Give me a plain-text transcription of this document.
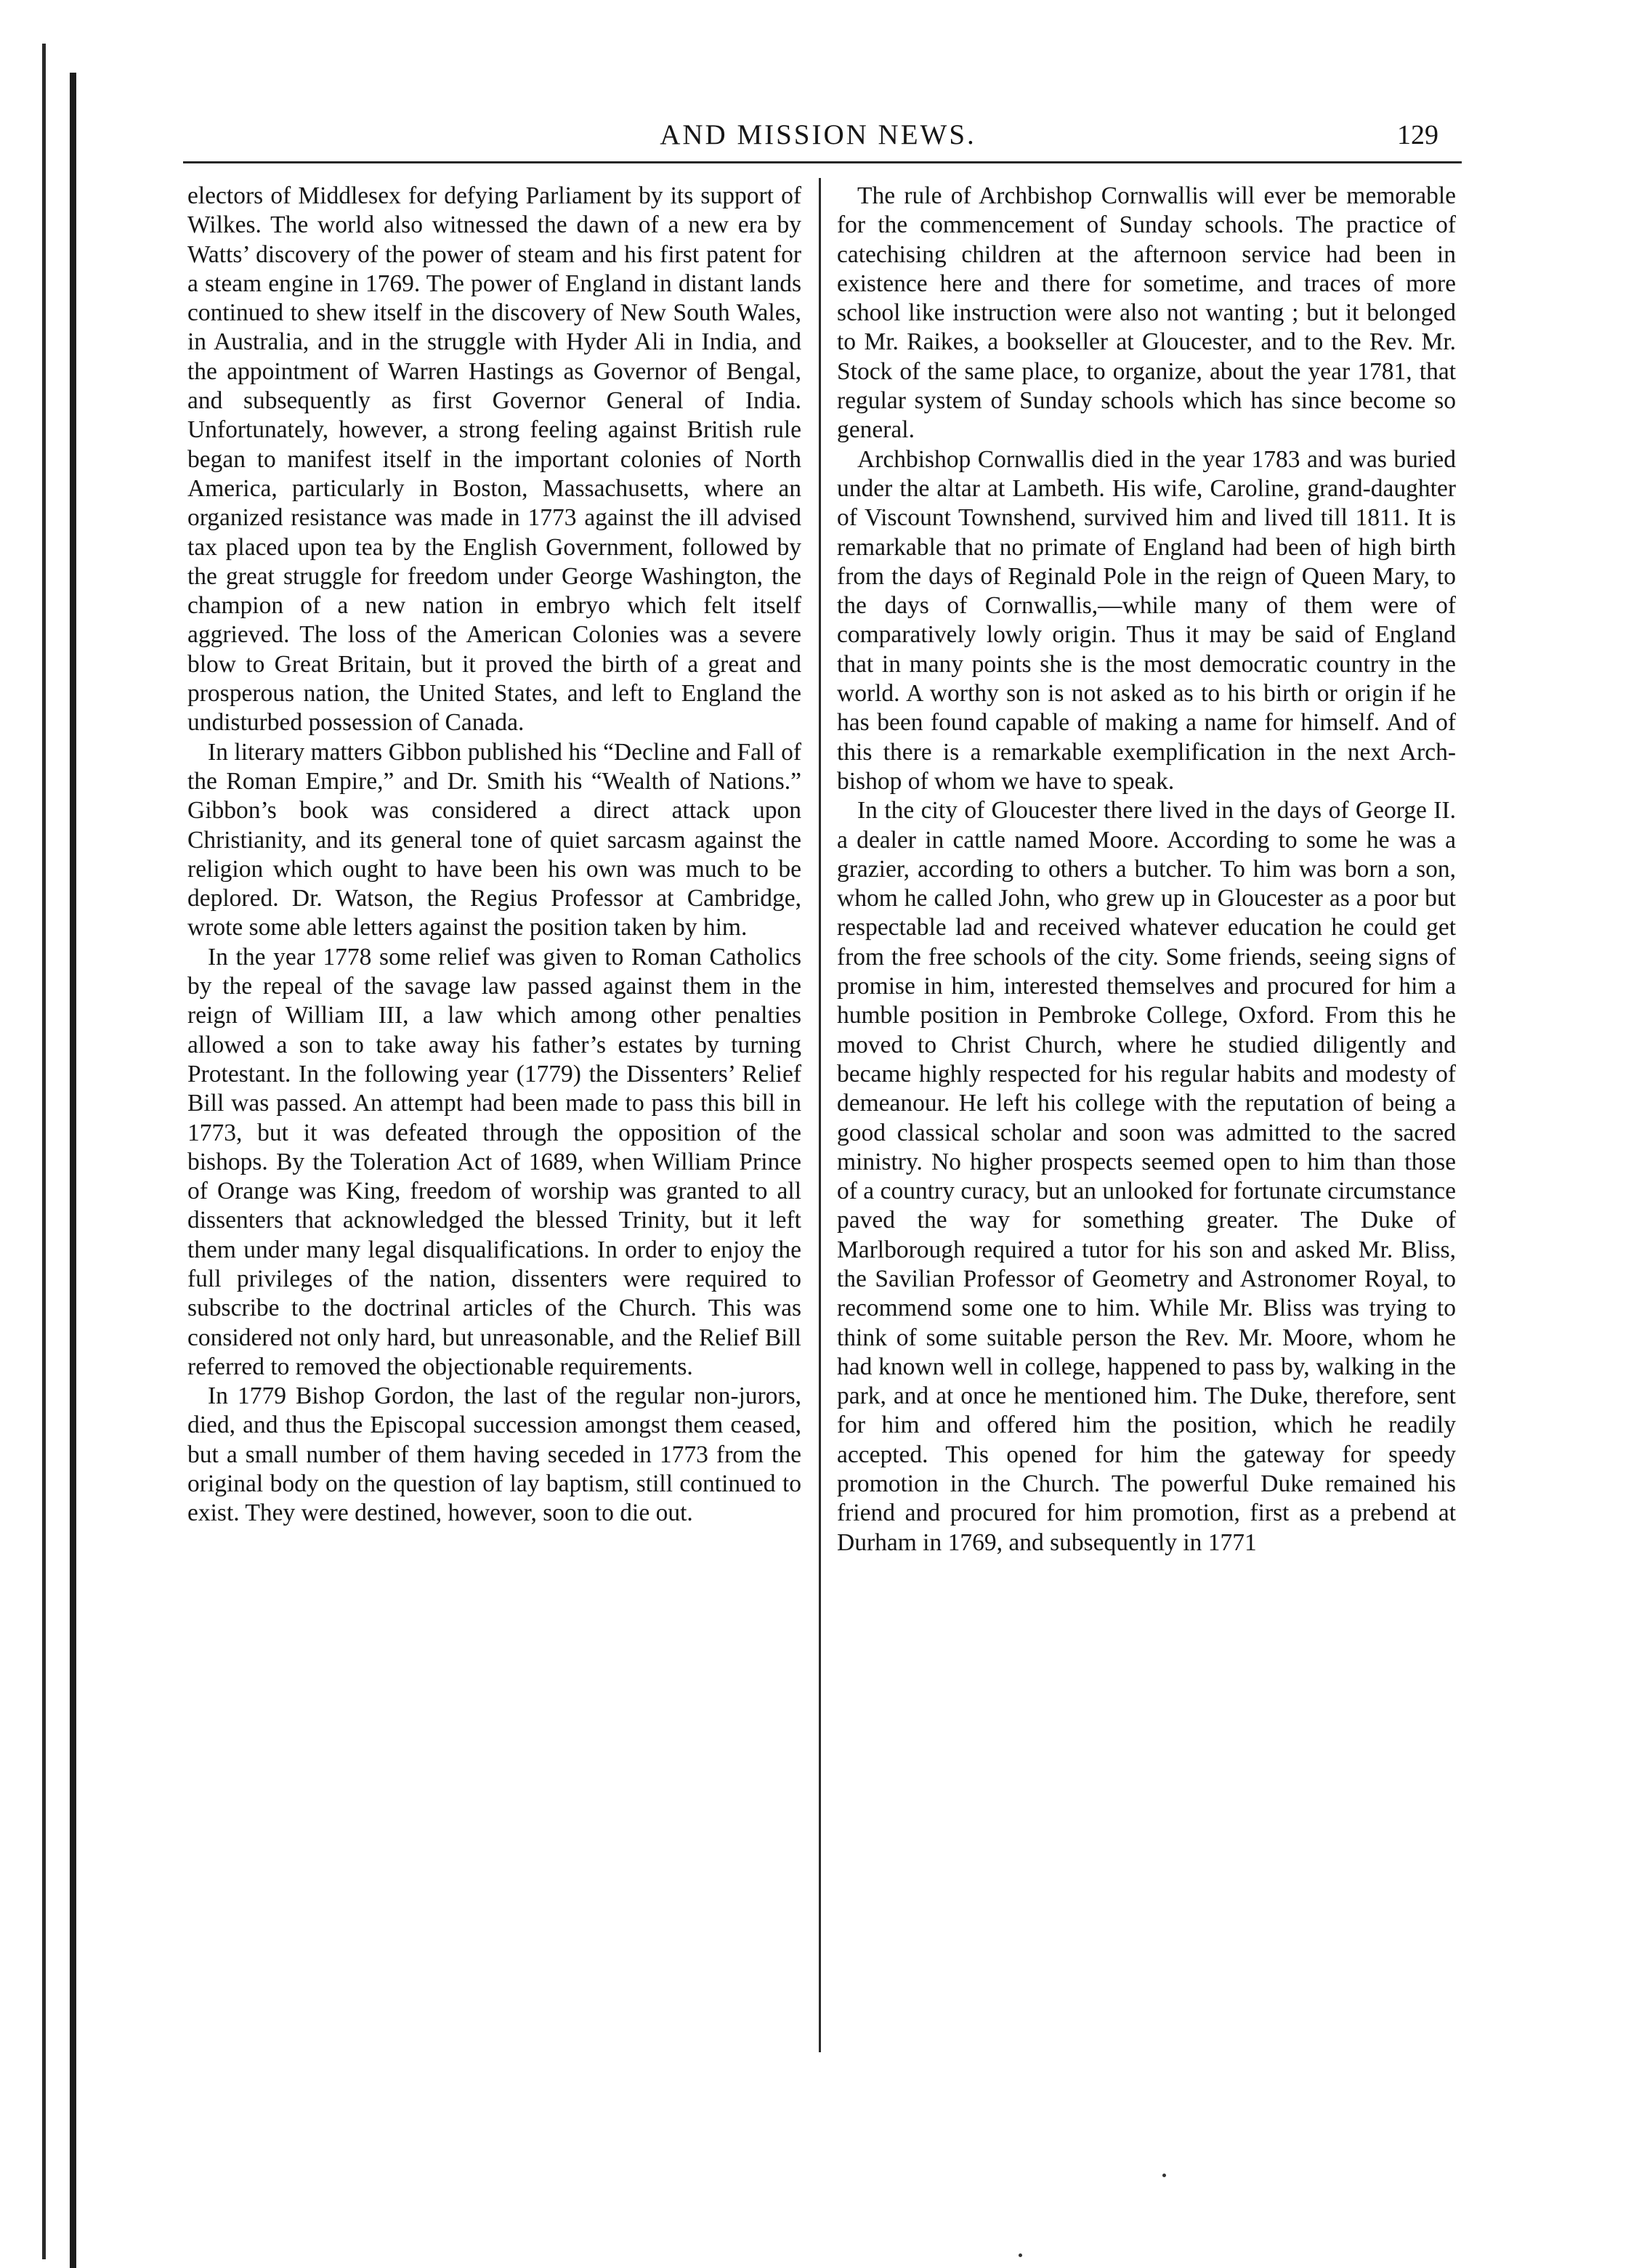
AND MISSION NEWS.	129

electors of Middlesex for defying Parliament by its support of Wilkes. The world also witnessed the dawn of a new era by Watts’ discovery of the power of steam and his first patent for a steam engine in 1769. The power of England in distant lands continued to shew itself in the discovery of New South Wales, in Australia, and in the struggle with Hyder Ali in India, and the appointment of Warren Hastings as Governor of Bengal, and subsequently as first Governor General of India. Unfortunately, however, a strong feeling against British rule began to manifest itself in the important colonies of North America, particularly in Boston, Massachusetts, where an organized resistance was made in 1773 against the ill advised tax placed upon tea by the English Government, followed by the great struggle for freedom under George Washington, the champion of a new nation in embryo which felt itself aggrieved. The loss of the American Colonies was a severe blow to Great Britain, but it proved the birth of a great and prosperous nation, the United States, and left to England the undisturbed possession of Canada.

In literary matters Gibbon published his “Decline and Fall of the Roman Empire,” and Dr. Smith his “Wealth of Nations.” Gibbon’s book was considered a direct attack upon Christianity, and its general tone of quiet sarcasm against the religion which ought to have been his own was much to be deplored. Dr. Watson, the Regius Professor at Cambridge, wrote some able letters against the position taken by him.

In the year 1778 some relief was given to Roman Catholics by the repeal of the savage law passed against them in the reign of William III, a law which among other penalties allowed a son to take away his father’s estates by turning Protestant. In the following year (1779) the Dissenters’ Relief Bill was passed. An attempt had been made to pass this bill in 1773, but it was defeated through the opposition of the bishops. By the Toleration Act of 1689, when William Prince of Orange was King, freedom of worship was granted to all dissenters that acknowledged the blessed Trinity, but it left them under many legal disqualifications. In order to enjoy the full privileges of the nation, dissenters were required to subscribe to the doctrinal articles of the Church. This was considered not only hard, but unreasonable, and the Relief Bill referred to removed the objectionable requirements.

In 1779 Bishop Gordon, the last of the regular non-jurors, died, and thus the Episcopal succession amongst them ceased, but a small number of them having seceded in 1773 from the original body on the question of lay baptism, still continued to exist. They were destined, however, soon to die out.

The rule of Archbishop Cornwallis will ever be memorable for the commencement of Sunday schools. The practice of catechising children at the afternoon service had been in existence here and there for sometime, and traces of more school like instruction were also not wanting ; but it belonged to Mr. Raikes, a bookseller at Gloucester, and to the Rev. Mr. Stock of the same place, to organize, about the year 1781, that regular system of Sunday schools which has since become so general.

Archbishop Cornwallis died in the year 1783 and was buried under the altar at Lambeth. His wife, Caroline, grand-daughter of Viscount Townshend, survived him and lived till 1811. It is remarkable that no primate of England had been of high birth from the days of Reginald Pole in the reign of Queen Mary, to the days of Cornwallis,—while many of them were of comparatively lowly origin. Thus it may be said of England that in many points she is the most democratic country in the world. A worthy son is not asked as to his birth or origin if he has been found capable of making a name for himself. And of this there is a remarkable exemplification in the next Archbishop of whom we have to speak.

In the city of Gloucester there lived in the days of George II. a dealer in cattle named Moore. According to some he was a grazier, according to others a butcher. To him was born a son, whom he called John, who grew up in Gloucester as a poor but respectable lad and received whatever education he could get from the free schools of the city. Some friends, seeing signs of promise in him, interested themselves and procured for him a humble position in Pembroke College, Oxford. From this he moved to Christ Church, where he studied diligently and became highly respected for his regular habits and modesty of demeanour. He left his college with the reputation of being a good classical scholar and soon was admitted to the sacred ministry. No higher prospects seemed open to him than those of a country curacy, but an unlooked for fortunate circumstance paved the way for something greater. The Duke of Marlborough required a tutor for his son and asked Mr. Bliss, the Savilian Professor of Geometry and Astronomer Royal, to recommend some one to him. While Mr. Bliss was trying to think of some suitable person the Rev. Mr. Moore, whom he had known well in college, happened to pass by, walking in the park, and at once he mentioned him. The Duke, therefore, sent for him and offered him the position, which he readily accepted. This opened for him the gateway for speedy promotion in the Church. The powerful Duke remained his friend and procured for him promotion, first as a prebend at Durham in 1769, and subsequently in 1771
